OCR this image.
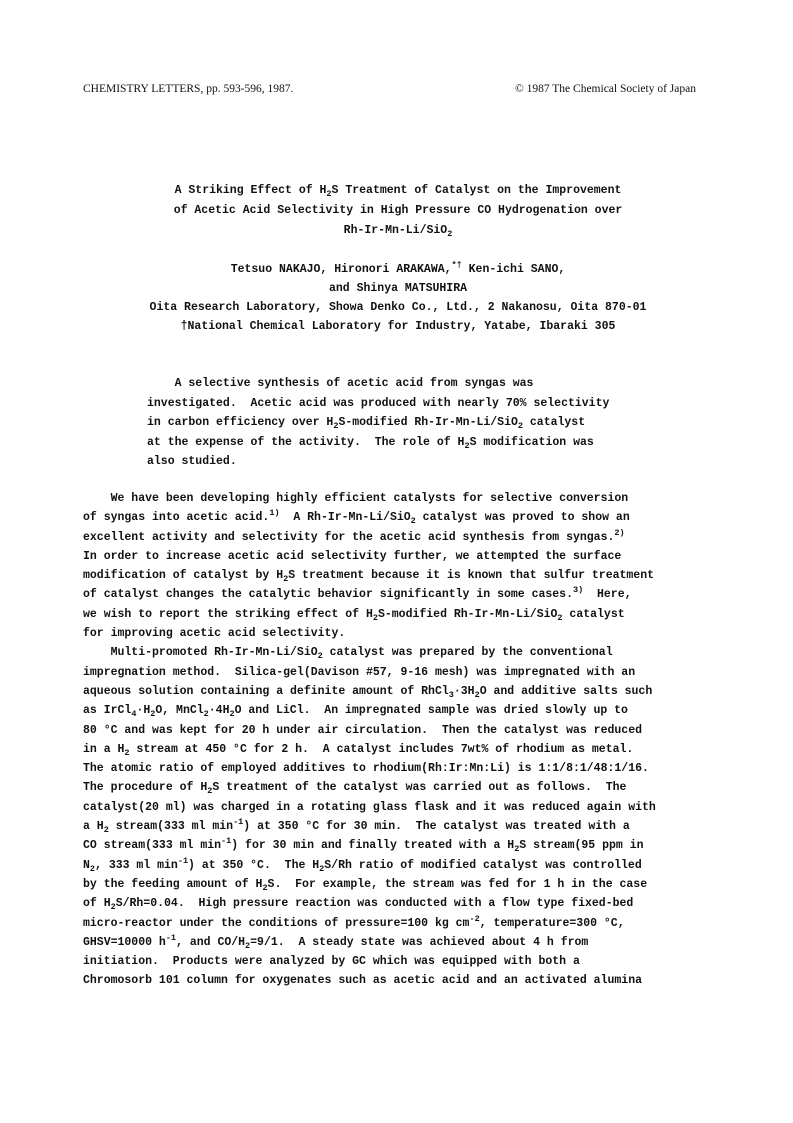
CHEMISTRY LETTERS, pp. 593-596, 1987.	© 1987 The Chemical Society of Japan
A Striking Effect of $H_2S$ Treatment of Catalyst on the Improvement
of Acetic Acid Selectivity in High Pressure CO Hydrogenation over
Rh-Ir-Mn-Li/SiO$_2$
Tetsuo NAKAJO, Hironori ARAKAWA,*† Ken-ichi SANO,
and Shinya MATSUHIRA
Oita Research Laboratory, Showa Denko Co., Ltd., 2 Nakanosu, Oita 870-01
†National Chemical Laboratory for Industry, Yatabe, Ibaraki 305
A selective synthesis of acetic acid from syngas was
investigated.  Acetic acid was produced with nearly 70% selectivity
in carbon efficiency over $H_2S$-modified Rh-Ir-Mn-Li/SiO$_2$ catalyst
at the expense of the activity.  The role of $H_2S$ modification was
also studied.
We have been developing highly efficient catalysts for selective conversion
of syngas into acetic acid.$^{1)}$  A Rh-Ir-Mn-Li/SiO$_2$ catalyst was proved to show an
excellent activity and selectivity for the acetic acid synthesis from syngas.$^{2)}$
In order to increase acetic acid selectivity further, we attempted the surface
modification of catalyst by $H_2S$ treatment because it is known that sulfur treatment
of catalyst changes the catalytic behavior significantly in some cases.$^{3)}$  Here,
we wish to report the striking effect of $H_2S$-modified Rh-Ir-Mn-Li/SiO$_2$ catalyst
for improving acetic acid selectivity.
Multi-promoted Rh-Ir-Mn-Li/SiO$_2$ catalyst was prepared by the conventional
impregnation method.  Silica-gel(Davison #57, 9-16 mesh) was impregnated with an
aqueous solution containing a definite amount of $RhCl_3\cdot 3H_2O$ and additive salts such
as $IrCl_4\cdot H_2O$, $MnCl_2\cdot 4H_2O$ and LiCl.  An impregnated sample was dried slowly up to
80 °C and was kept for 20 h under air circulation.  Then the catalyst was reduced
in a $H_2$ stream at 450 °C for 2 h.  A catalyst includes 7wt% of rhodium as metal.
The atomic ratio of employed additives to rhodium(Rh:Ir:Mn:Li) is 1:1/8:1/48:1/16.
The procedure of $H_2S$ treatment of the catalyst was carried out as follows.  The
catalyst(20 ml) was charged in a rotating glass flask and it was reduced again with
a $H_2$ stream(333 ml $\min^{-1}$) at 350 °C for 30 min.  The catalyst was treated with a
CO stream(333 ml $\min^{-1}$) for 30 min and finally treated with a $H_2S$ stream(95 ppm in
$N_2$, 333 ml $\min^{-1}$) at 350 °C.  The $H_2S/Rh$ ratio of modified catalyst was controlled
by the feeding amount of $H_2S$.  For example, the stream was fed for 1 h in the case
of $H_2S/Rh=0.04$.  High pressure reaction was conducted with a flow type fixed-bed
micro-reactor under the conditions of pressure=100 kg $cm^{-2}$, temperature=300 °C,
GHSV=10000 $h^{-1}$, and $CO/H_2=9/1$.  A steady state was achieved about 4 h from
initiation.  Products were analyzed by GC which was equipped with both a
Chromosorb 101 column for oxygenates such as acetic acid and an activated alumina
